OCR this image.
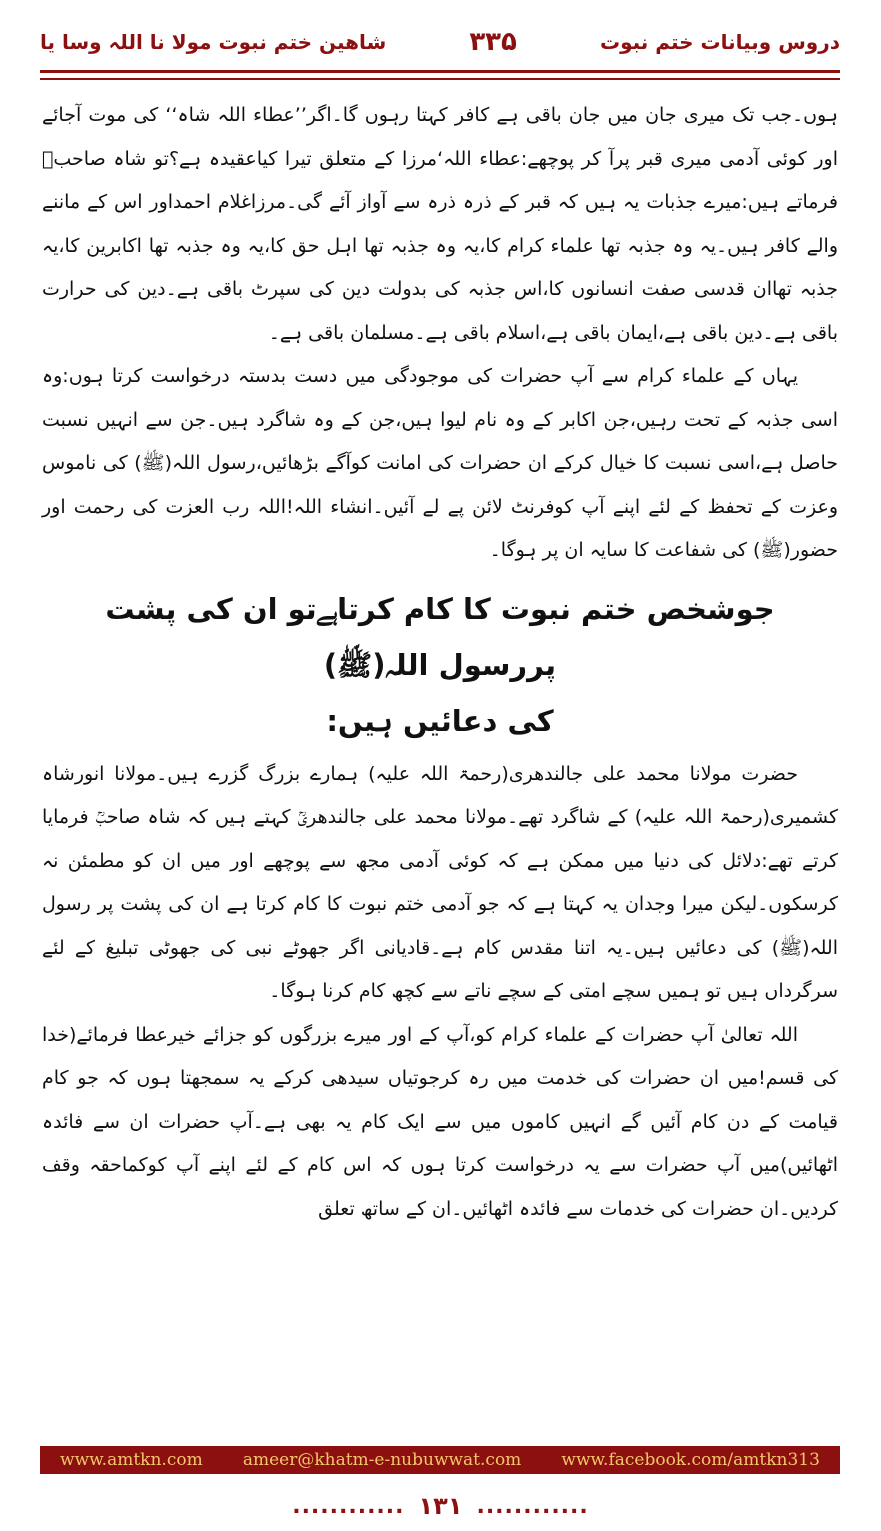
دروس وبیانات ختم نبوت
۳۳۵
شاھین ختم نبوت مولا نا اللہ وسا یا

ہوں۔جب تک میری جان میں جان باقی ہے کافر کہتا رہوں گا۔اگر’’عطاء اللہ شاہ‘‘ کی موت آجائے اور کوئی آدمی میری قبر پرآ کر پوچھے:عطاء اللہ‘مرزا کے متعلق تیرا کیاعقیدہ ہے؟تو شاہ صاحبؒ فرماتے ہیں:میرے جذبات یہ ہیں کہ قبر کے ذرہ ذرہ سے آواز آئے گی۔مرزاغلام احمداور اس کے ماننے والے کافر ہیں۔یہ وہ جذبہ تھا علماء کرام کا،یہ وہ جذبہ تھا اہل حق کا،یہ وہ جذبہ تھا اکابرین کا،یہ جذبہ تھاان قدسی صفت انسانوں کا،اس جذبہ کی بدولت دین کی سپرٹ باقی ہے۔دین کی حرارت باقی ہے۔دین باقی ہے،ایمان باقی ہے،اسلام باقی ہے۔مسلمان باقی ہے۔

یہاں کے علماء کرام سے آپ حضرات کی موجودگی میں دست بدستہ درخواست کرتا ہوں:وہ اسی جذبہ کے تحت رہیں،جن اکابر کے وہ نام لیوا ہیں،جن کے وہ شاگرد ہیں۔جن سے انہیں نسبت حاصل ہے،اسی نسبت کا خیال کرکے ان حضرات کی امانت کوآگے بڑھائیں،رسول اللہ(ﷺ) کی ناموس وعزت کے تحفظ کے لئے اپنے آپ کوفرنٹ لائن پے لے آئیں۔انشاء اللہ!اللہ رب العزت کی رحمت اور حضور(ﷺ) کی شفاعت کا سایہ ان پر ہوگا۔

جوشخص ختم نبوت کا کام کرتاہےتو ان کی پشت پررسول اللہ(ﷺ)
کی دعائیں ہیں:

حضرت مولانا محمد علی جالندھری(رحمۃ اللہ علیہ) ہمارے بزرگ گزرے ہیں۔مولانا انورشاہ کشمیری(رحمۃ اللہ علیہ) کے شاگرد تھے۔مولانا محمد علی جالندھریؒ کہتے ہیں کہ شاہ صاحبؒ فرمایا کرتے تھے:دلائل کی دنیا میں ممکن ہے کہ کوئی آدمی مجھ سے پوچھے اور میں ان کو مطمئن نہ کرسکوں۔لیکن میرا وجدان یہ کہتا ہے کہ جو آدمی ختم نبوت کا کام کرتا ہے ان کی پشت پر رسول اللہ(ﷺ) کی دعائیں ہیں۔یہ اتنا مقدس کام ہے۔قادیانی اگر جھوٹے نبی کی جھوٹی تبلیغ کے لئے سرگرداں ہیں تو ہمیں سچے امتی کے سچے ناتے سے کچھ کام کرنا ہوگا۔

اللہ تعالیٰ آپ حضرات کے علماء کرام کو،آپ کے اور میرے بزرگوں کو جزائے خیرعطا فرمائے(خدا کی قسم!میں ان حضرات کی خدمت میں رہ کرجوتیاں سیدھی کرکے یہ سمجھتا ہوں کہ جو کام قیامت کے دن کام آئیں گے انہیں کاموں میں سے ایک کام یہ بھی ہے۔آپ حضرات ان سے فائدہ اٹھائیں)میں آپ حضرات سے یہ درخواست کرتا ہوں کہ اس کام کے لئے اپنے آپ کوکماحقہ وقف کردیں۔ان حضرات کی خدمات سے فائدہ اٹھائیں۔ان کے ساتھ تعلق

www.amtkn.com ameer@khatm-e-nubuwwat.com www.facebook.com/amtkn313
............ ۱۳۱ ............
